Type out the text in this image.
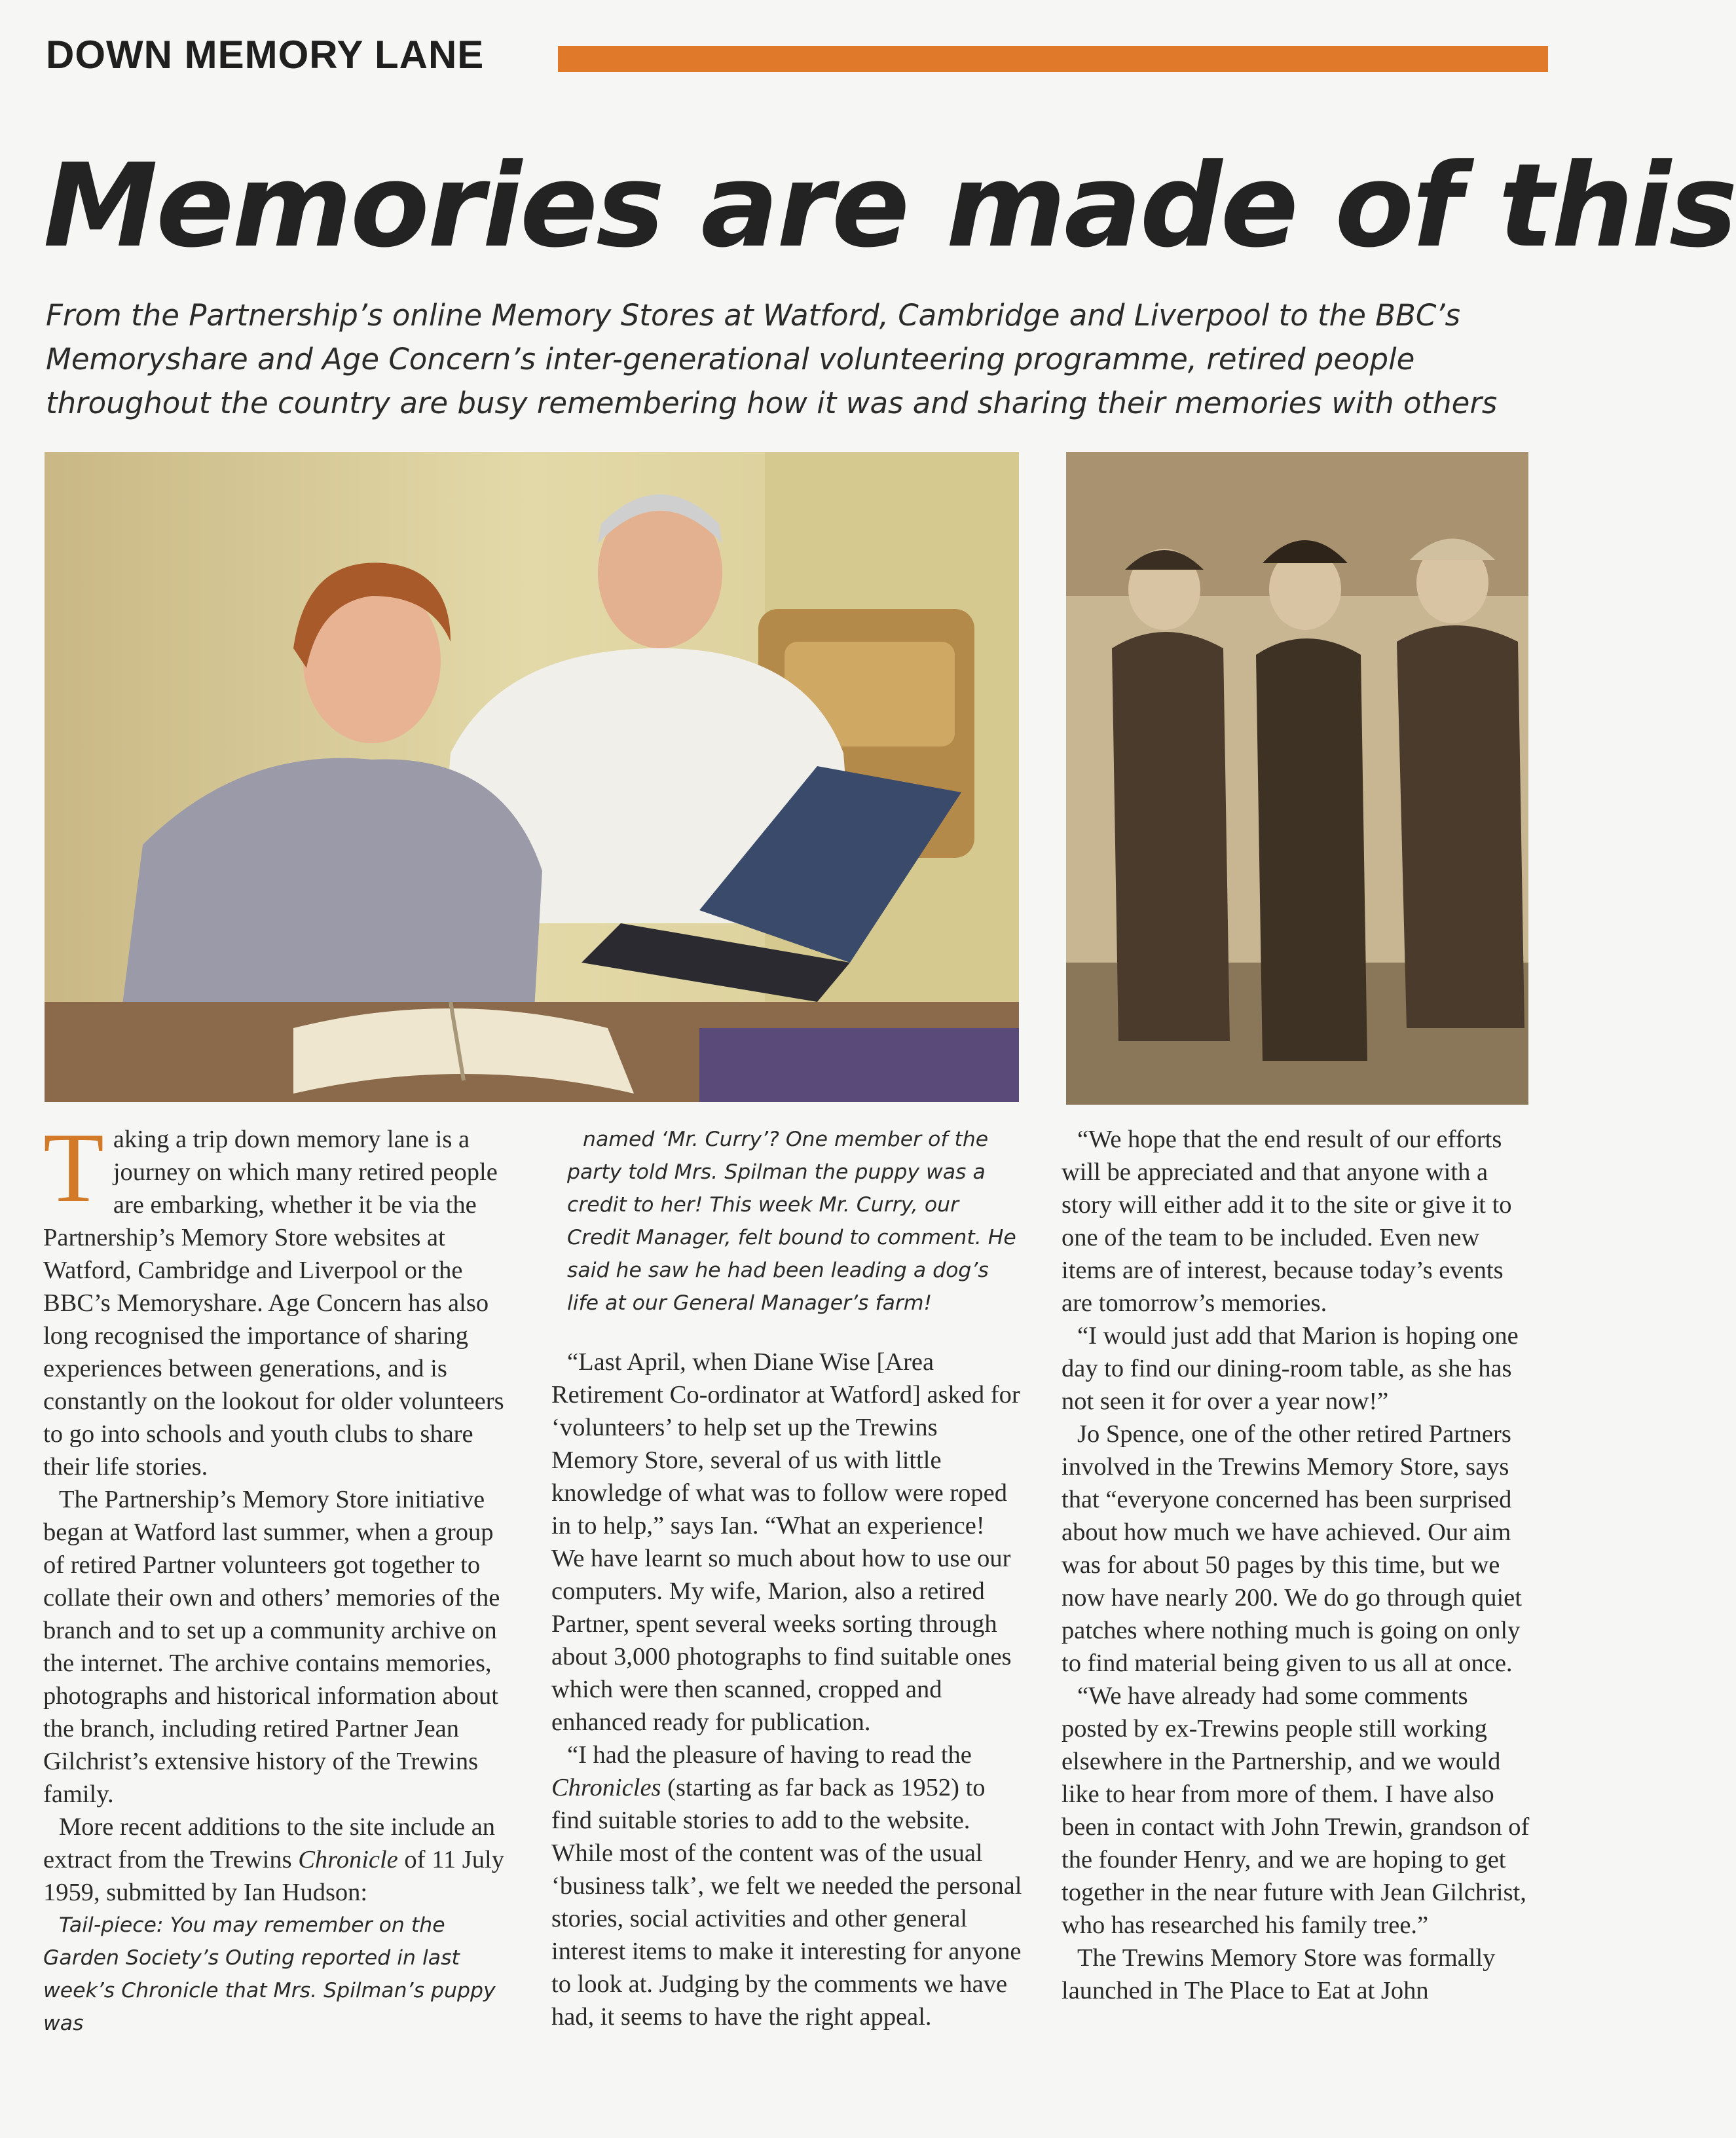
DOWN MEMORY LANE
Memories are made of this
From the Partnership’s online Memory Stores at Watford, Cambridge and Liverpool to the BBC’s Memoryshare and Age Concern’s inter-generational volunteering programme, retired people throughout the country are busy remembering how it was and sharing their memories with others

Taking a trip down memory lane is a journey on which many retired people are embarking, whether it be via the Partnership’s Memory Store websites at Watford, Cambridge and Liverpool or the BBC’s Memoryshare. Age Concern has also long recognised the importance of sharing experiences between generations, and is constantly on the lookout for older volunteers to go into schools and youth clubs to share their life stories.

The Partnership’s Memory Store initiative began at Watford last summer, when a group of retired Partner volunteers got together to collate their own and others’ memories of the branch and to set up a community archive on the internet. The archive contains memories, photographs and historical information about the branch, including retired Partner Jean Gilchrist’s extensive history of the Trewins family.

More recent additions to the site include an extract from the Trewins Chronicle of 11 July 1959, submitted by Ian Hudson:

Tail-piece: You may remember on the Garden Society’s Outing reported in last week’s Chronicle that Mrs. Spilman’s puppy was

named ‘Mr. Curry’? One member of the party told Mrs. Spilman the puppy was a credit to her! This week Mr. Curry, our Credit Manager, felt bound to comment. He said he saw he had been leading a dog’s life at our General Manager’s farm!

“Last April, when Diane Wise [Area Retirement Co-ordinator at Watford] asked for ‘volunteers’ to help set up the Trewins Memory Store, several of us with little knowledge of what was to follow were roped in to help,” says Ian. “What an experience! We have learnt so much about how to use our computers. My wife, Marion, also a retired Partner, spent several weeks sorting through about 3,000 photographs to find suitable ones which were then scanned, cropped and enhanced ready for publication.

“I had the pleasure of having to read the Chronicles (starting as far back as 1952) to find suitable stories to add to the website. While most of the content was of the usual ‘business talk’, we felt we needed the personal stories, social activities and other general interest items to make it interesting for anyone to look at. Judging by the comments we have had, it seems to have the right appeal.

“We hope that the end result of our efforts will be appreciated and that anyone with a story will either add it to the site or give it to one of the team to be included. Even new items are of interest, because today’s events are tomorrow’s memories.

“I would just add that Marion is hoping one day to find our dining-room table, as she has not seen it for over a year now!”

Jo Spence, one of the other retired Partners involved in the Trewins Memory Store, says that “everyone concerned has been surprised about how much we have achieved. Our aim was for about 50 pages by this time, but we now have nearly 200. We do go through quiet patches where nothing much is going on only to find material being given to us all at once.

“We have already had some comments posted by ex-Trewins people still working elsewhere in the Partnership, and we would like to hear from more of them. I have also been in contact with John Trewin, grandson of the founder Henry, and we are hoping to get together in the near future with Jean Gilchrist, who has researched his family tree.”

The Trewins Memory Store was formally launched in The Place to Eat at John
